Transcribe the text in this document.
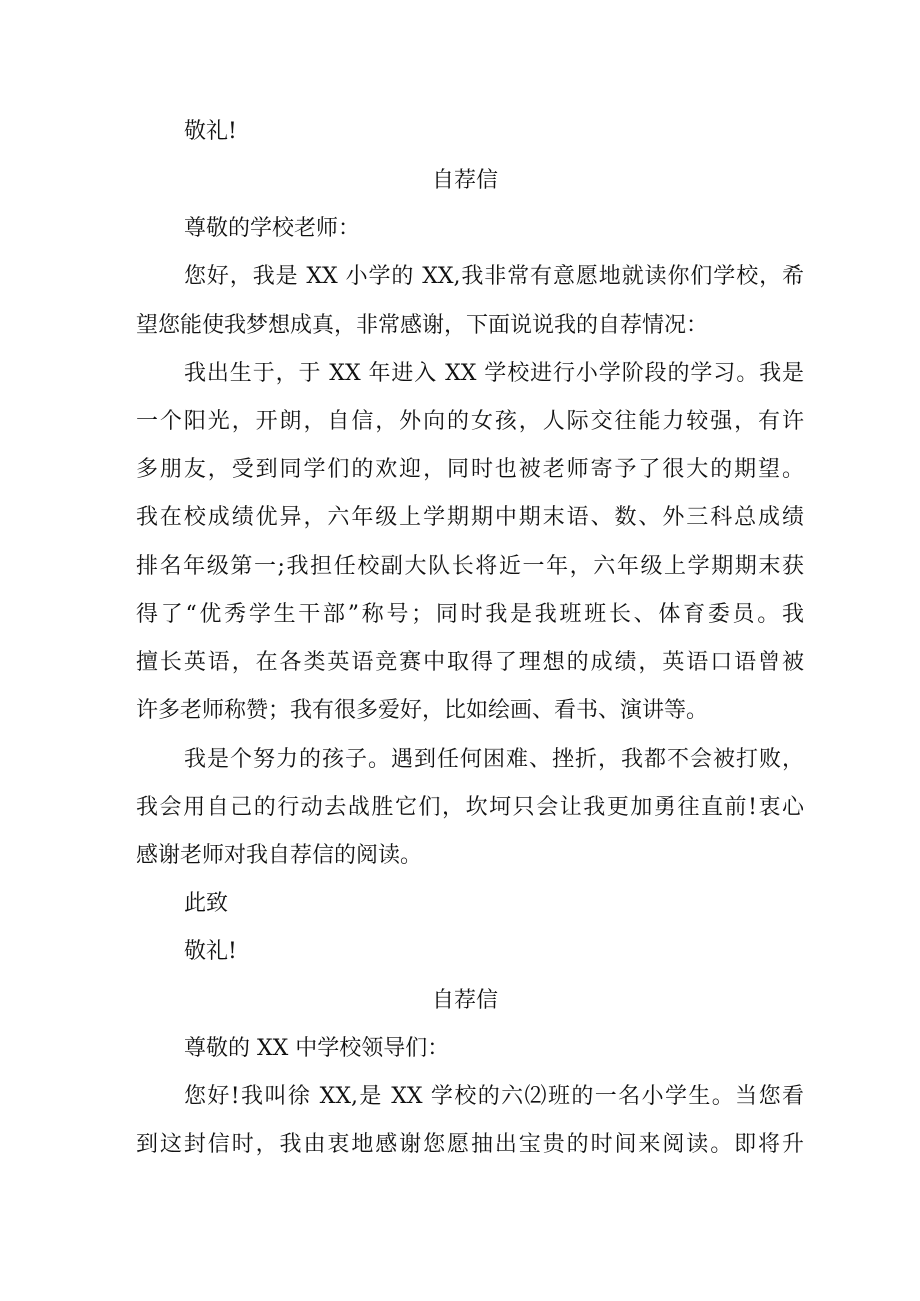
敬礼!
自荐信
尊敬的学校老师：
您好，我是 XX 小学的 XX,我非常有意愿地就读你们学校，希
望您能使我梦想成真，非常感谢，下面说说我的自荐情况：
我出生于，于 XX 年进入 XX 学校进行小学阶段的学习。我是
一个阳光，开朗，自信，外向的女孩，人际交往能力较强，有许
多朋友，受到同学们的欢迎，同时也被老师寄予了很大的期望。
我在校成绩优异，六年级上学期期中期末语、数、外三科总成绩
排名年级第一;我担任校副大队长将近一年，六年级上学期期末获
得了“优秀学生干部”称号；同时我是我班班长、体育委员。我
擅长英语，在各类英语竞赛中取得了理想的成绩，英语口语曾被
许多老师称赞；我有很多爱好，比如绘画、看书、演讲等。
我是个努力的孩子。遇到任何困难、挫折，我都不会被打败，
我会用自己的行动去战胜它们，坎坷只会让我更加勇往直前!衷心
感谢老师对我自荐信的阅读。
此致
敬礼!
自荐信
尊敬的 XX 中学校领导们：
您好!我叫徐 XX,是 XX 学校的六⑵班的一名小学生。当您看
到这封信时，我由衷地感谢您愿抽出宝贵的时间来阅读。即将升
